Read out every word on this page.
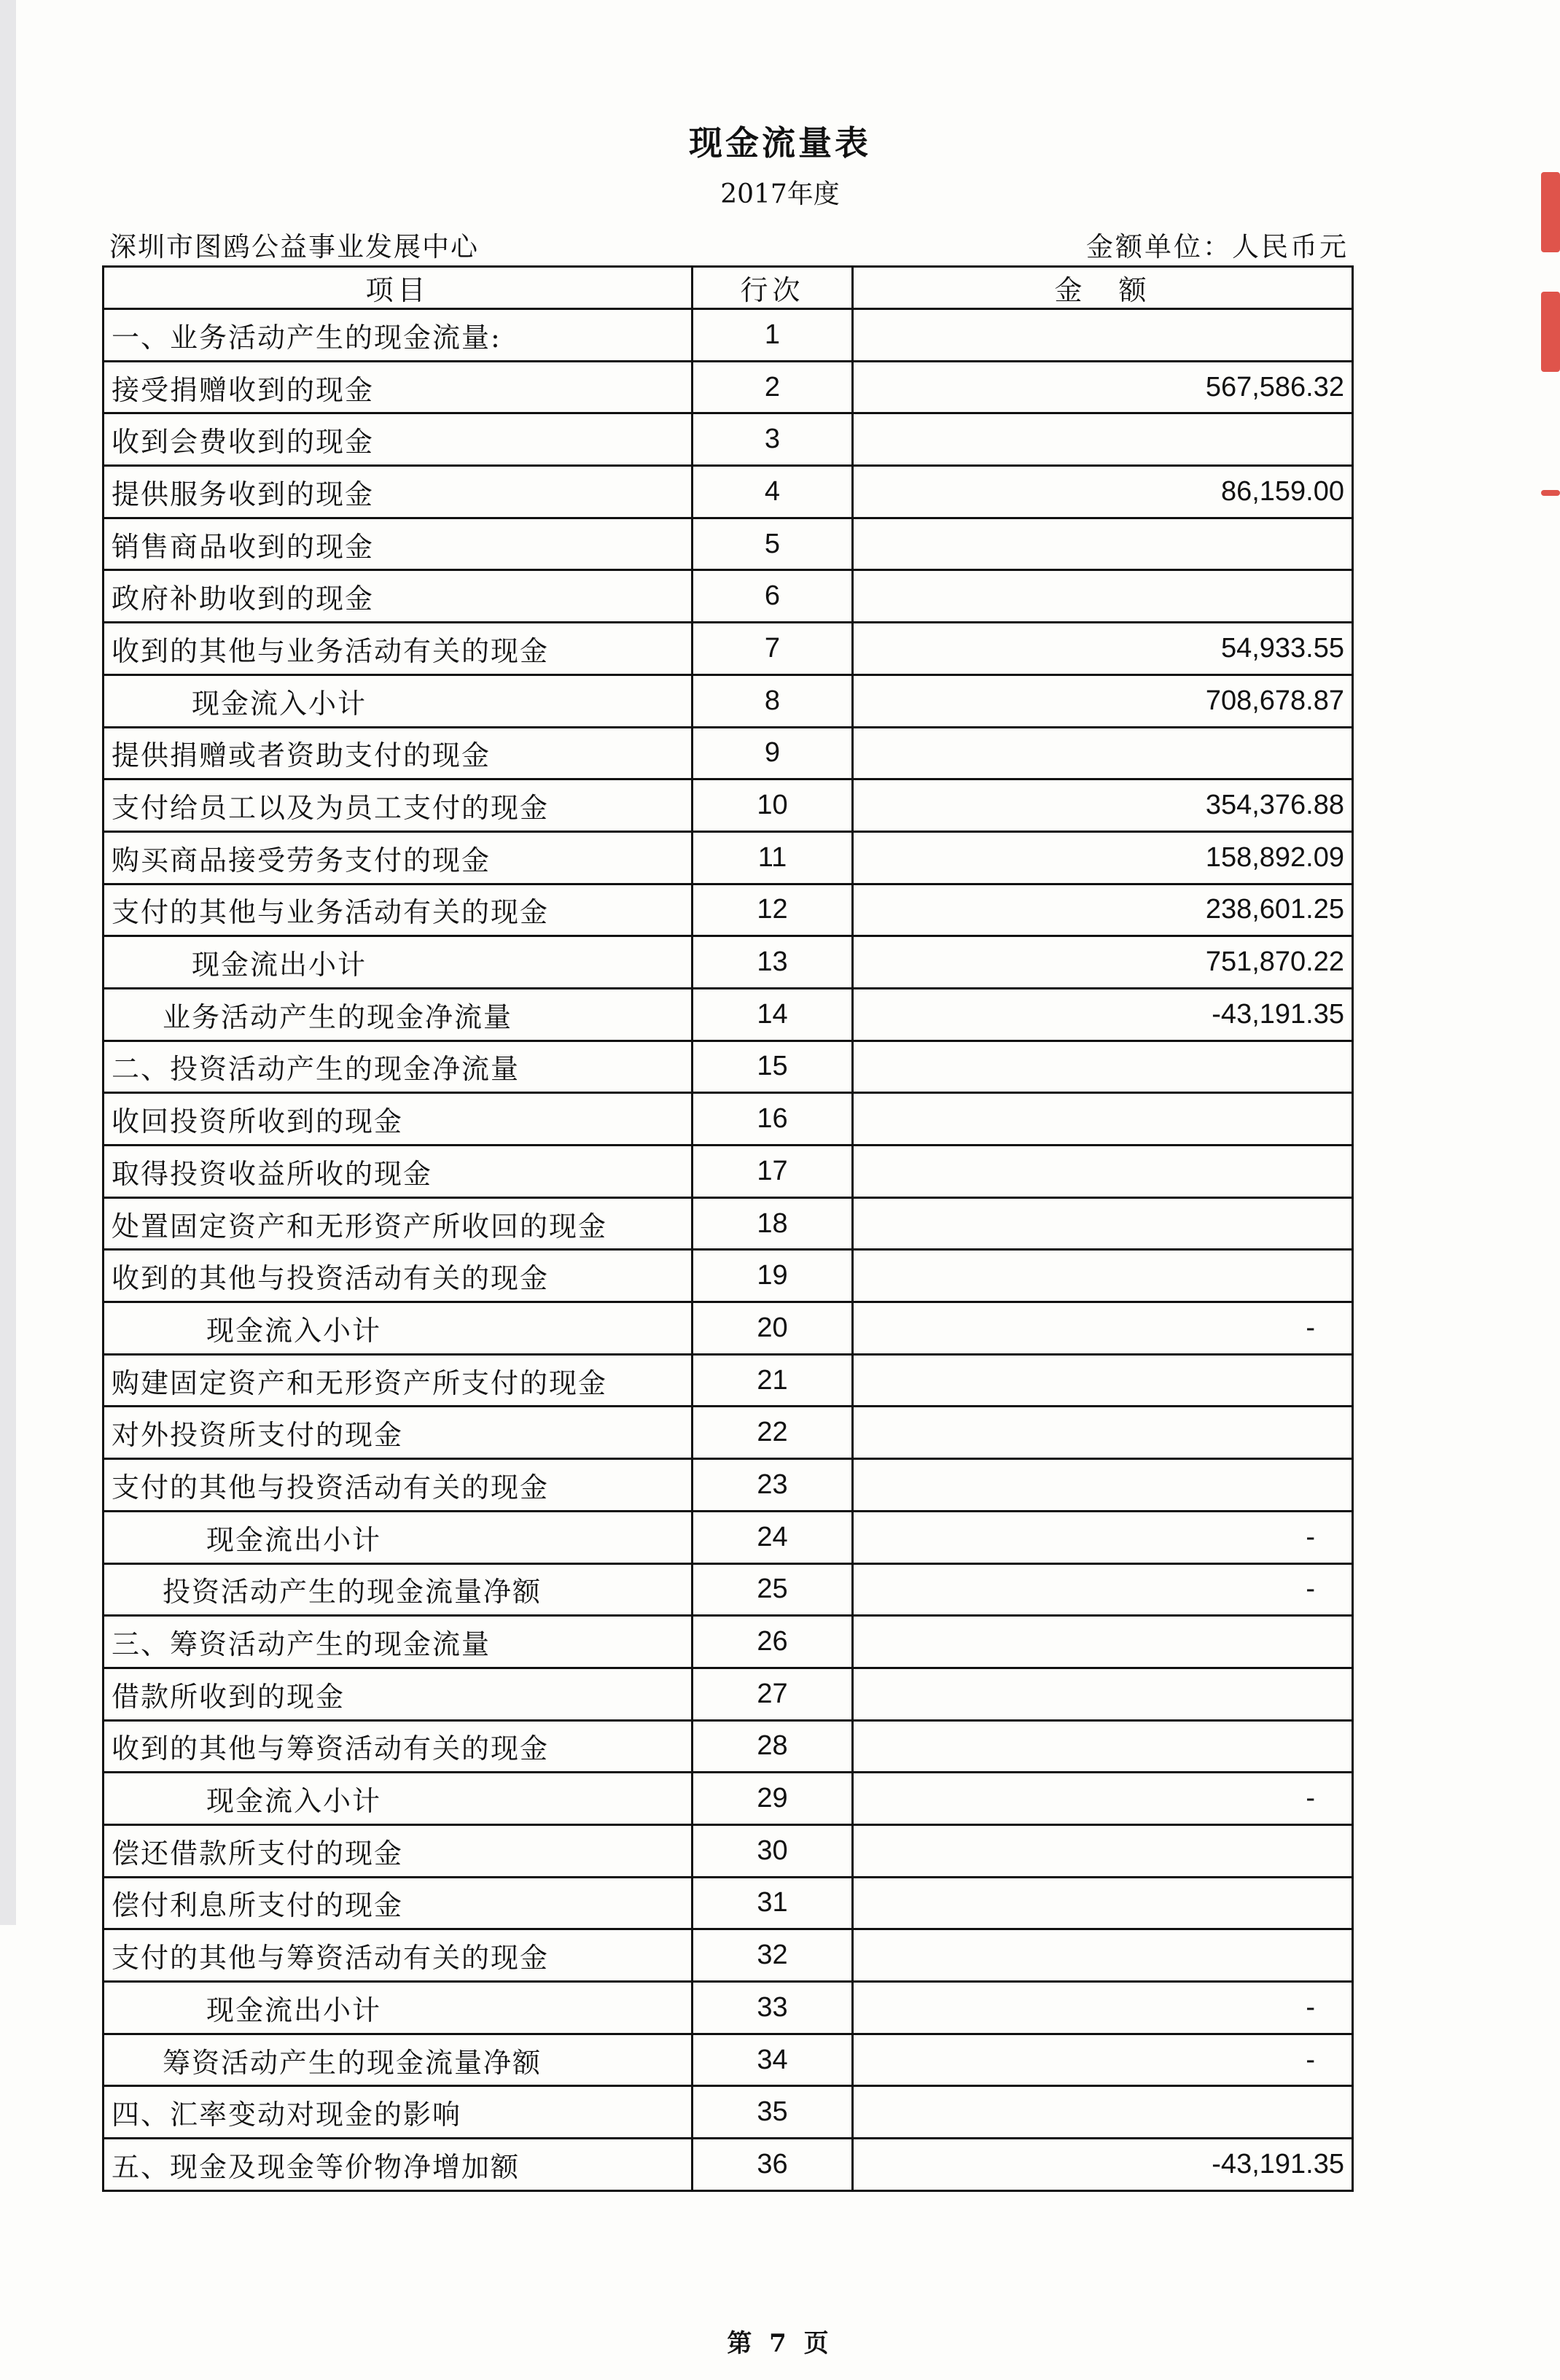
现金流量表
2017年度
深圳市图鸥公益事业发展中心	金额单位：人民币元
项目	行次	金　额
一、业务活动产生的现金流量:	1	
接受捐赠收到的现金	2	567,586.32
收到会费收到的现金	3	
提供服务收到的现金	4	86,159.00
销售商品收到的现金	5	
政府补助收到的现金	6	
收到的其他与业务活动有关的现金	7	54,933.55
现金流入小计	8	708,678.87
提供捐赠或者资助支付的现金	9	
支付给员工以及为员工支付的现金	10	354,376.88
购买商品接受劳务支付的现金	11	158,892.09
支付的其他与业务活动有关的现金	12	238,601.25
现金流出小计	13	751,870.22
业务活动产生的现金净流量	14	-43,191.35
二、投资活动产生的现金净流量	15	
收回投资所收到的现金	16	
取得投资收益所收的现金	17	
处置固定资产和无形资产所收回的现金	18	
收到的其他与投资活动有关的现金	19	
现金流入小计	20	-
购建固定资产和无形资产所支付的现金	21	
对外投资所支付的现金	22	
支付的其他与投资活动有关的现金	23	
现金流出小计	24	-
投资活动产生的现金流量净额	25	-
三、筹资活动产生的现金流量	26	
借款所收到的现金	27	
收到的其他与筹资活动有关的现金	28	
现金流入小计	29	-
偿还借款所支付的现金	30	
偿付利息所支付的现金	31	
支付的其他与筹资活动有关的现金	32	
现金流出小计	33	-
筹资活动产生的现金流量净额	34	-
四、汇率变动对现金的影响	35	
五、现金及现金等价物净增加额	36	-43,191.35
第 7 页
